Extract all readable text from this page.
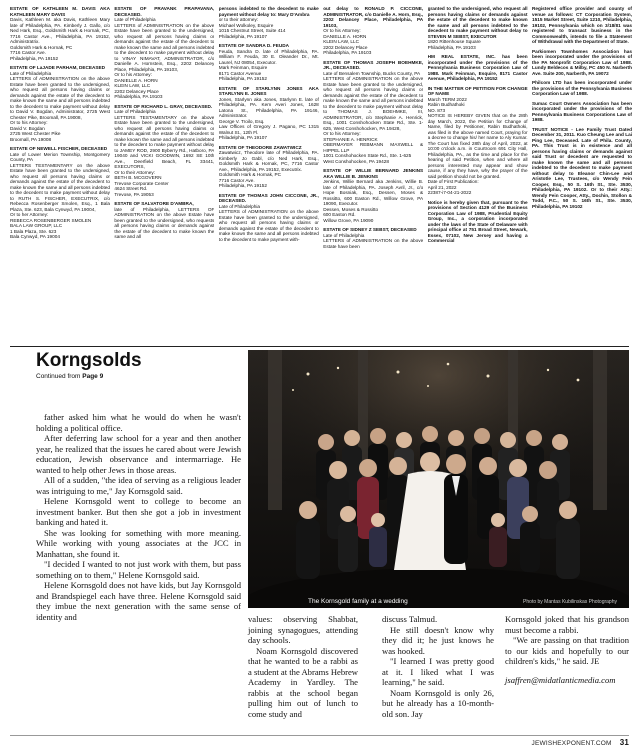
ESTATE OF KATHLEEN M. DAVIS AKA KATHLEEN MARY DAVIS

Davis, Kathleen M. aka Davis, Kathleen Mary late of Philadelphia, PA. Kimberly J. Gallo, c/o Ned Hark, Esq., Goldsmith Hark & Hornak, PC, 7716 Castor Ave., Philadelphia, PA 19152, Administratrix.

Goldsmith Hark & Hornak, PC

7716 Castor Ave.

Philadelphia, PA 19152

ESTATE OF LaJADE PARHAM, DECEASED

Late of Philadelphia

LETTERS of ADMINISTRATION on the above Estate have been granted to the undersigned, who request all persons having claims or demands against the estate of the decedent to make known the same and all persons indebted to the decedent to make payment without delay to David V. Bogdan, Administrator, 2725 West Chester Pike, Broomall, PA 19008,

Or to his Attorney:

David V. Bogdan

2725 West Chester Pike

Broomall, PA 19008

ESTATE OF NEWELL FISCHER, DECEASED

Late of Lower Merion Township, Montgomery County, PA

LETTERS TESTAMENTARY on the above Estate have been granted to the undersigned, who request all persons having claims or demands against the estate of the decedent to make known the same and all persons indebted to the decedent to make payment without delay to RUTH S. FISCHER, EXECUTRIX, c/o Rebecca Rosenberger Smolen, Esq., 1 Bala Plaza, Ste. 623, Bala Cynwyd, PA 19004,

Or to her Attorney:

REBECCA ROSENBERGER SMOLEN

BALA LAW GROUP, LLC

1 Bala Plaza, Ste. 623

Bala Cynwyd, PA 19004

ESTATE OF PRAVANK PRAPAVANA, DECEASED.

Late of Philadelphia

LETTERS of ADMINISTRATION on the above Estate have been granted to the undersigned, who request all persons having claims or demands against the estate of the decedent to make known the same and all persons indebted to the decedent to make payment without delay to VINAY NIMAVAT, ADMINISTRATOR, c/o Danielle A. Hornstein, Esq., 2202 Delancey Place, Philadelphia, PA 19103,

Or to his Attorney:

DANIELLE A. HORN

KLEIN LAW, LLC

2202 Delancey Place

Philadelphia, PA 19103

ESTATE OF RICHARD L. GRAY, DECEASED.

Late of Philadelphia

LETTERS TESTAMENTARY on the above Estate have been granted to the undersigned, who request all persons having claims or demands against the estate of the decedent to make known the same and all persons indebted to the decedent to make payment without delay to JAMEY ROD, 2900 Byberry Rd., Hatboro, PA 19040 and VICKI GOODWIN, 1692 SE 10th Ave., Deerfield Beach, FL 33441, EXECUTORS,

Or to their Attorney:

BETH B. MCGOVERN

Trevose Corporate Center

4624 Street Rd.

Trevose, PA 19053

ESTATE OF SALVATORE D'AMBRA,

late of Philadelphia, LETTERS OF ADMINISTRATION on the above Estate have been granted to the undersigned, who requests all persons having claims or demands against the estate of the decedent to make known the same and all

persons indebted to the decedent to make payment without delay to: Mary D'Ambra

or to their attorney:

Michael Wolkoley, Esquire

1015 Chestnut Street, Suite 414

Philadelphia, PA 19107

ESTATE OF SANDRA D. FEUDA

Feuda, Sandra D. late of Philadelphia, PA. William F. Feuda, 30 E. Oleander Dr., Mt. Laurel, NJ 08054, Executor.

Mark Feinman, Esquire

8171 Castor Avenue

Philadelphia, PA 19152

ESTATE OF STARLYNN JONES AKA STARLYNN E. JONES

Jones, Starlynn aka Jones, Starlynn E. late of Philadelphia, PA. Kem Averi Jones, 1628 Latona St., Philadelphia, PA 19146, Administrator.

George V. Troilo, Esq.

Law Offices of Gregory J. Pagano, PC 1315 Walnut St., 12th Fl.

Philadelphia, PA 19107

ESTATE OF THEODORE ZAWATWICZ

Zawatwicz, Theodore late of Philadelphia, PA. Kimberly Jo Gabl, c/o Ned Hark, Esq., Goldsmith Hark & Hornak, PC, 7716 Castor Ave., Philadelphia, PA 19152, Executrix.

Goldsmith Hark & Hornak, PC

7716 Castor Ave.

Philadelphia, PA 19152

ESTATE OF THOMAS JOHN CICCONE, JR., DECEASED.

Late of Philadelphia

LETTERS of ADMINISTRATION on the above Estate have been granted to the undersigned, who request all persons having claims or demands against the estate of the decedent to make known the same and all persons indebted to the decedent to make payment with-

out delay to RONALD P. CICCONE, ADMINISTRATOR, c/o Danielle A. Horn, Esq., 2202 Delancey Place, Philadelphia, PA 19103,

Or to his Attorney:

DANIELLE A. HORN

KLEIN LAW, LLC

2202 Delancey Place

Philadelphia, PA 19103

ESTATE OF THOMAS JOSEPH BOEHMKE, JR., DECEASED.

Late of Bensalem Township, Bucks County, PA

LETTERS of ADMINISTRATION on the above Estate have been granted to the undersigned, who request all persons having claims or demands against the estate of the decedent to make known the same and all persons indebted to the decedent to make payment without delay to THOMAS J. BOEHMKE, III, ADMINISTRATOR, c/o Stephanie A. Henrick, Esq., 1001 Conshohocken State Rd., Ste. 1-625, West Conshohocken, PA 19428,

Or to his Attorney:

STEPHANIE A. HENRICK

OBERMAYER REBMANN MAXWELL & HIPPEL LLP

1001 Conshohocken State Rd., Ste. 1-625

West Conshohocken, PA 19428

ESTATE OF WILLIE BERNARD JENKINS AKA WILLIE B. JENKINS

Jenkins, Willie Bernard aka Jenkins, Willie B. late of Philadelphia, PA. Joseph Avril, Jr., c/o Hope Bosniak, Esq., Dessen, Moses & Rossitto, 600 Easton Rd., Willow Grove, PA 19090, Executor.

Dessen, Moses & Rossitto

600 Easton Rd.

Willow Grove, PA 19090

ESTATE OF SIDNEY Z SEBST, DECEASED

Late of Philadelphia

LETTERS of ADMINISTRATION on the above Estate have been

granted to the undersigned, who request all persons having claims or demands against the estate of the decedent to make known the same and all persons indebted to the decedent to make payment without delay to STEVEN M SEBST, EXECUTOR

1820 Rittenhouse Square

Philadelphia, PA 19103

HM REAL ESTATE, INC. has been incorporated under the provisions of the Pennsylvania Business Corporation Law of 1988. Mark Feinman, Esquire, 8171 Castor Avenue, Philadelphia, PA 19152

IN THE MATTER OF PETITION FOR CHANGE OF NAME

March TERM 2022

Rabin Budhathoki

NO. 873

NOTICE IS HEREBY GIVEN that on the 28th day March, 2022, the Petition for Change of Name, filed by Petitioner, Rabin Budhathoki, was filed in the above named Court, praying for a decree to change his/ her name to Aly Kumar. The Court has fixed 28th day of April, 2022, at 10:00 o'clock a.m. in Courtroom 691 City Hall, Philadelphia, PA., as the time and place for the hearing of said Petition, when and where all persons interested may appear and show cause, if any they have, why the prayer of the said petition should not be granted.

Date of First Publication:

April 21, 2022

22387-i7-04-21-2022

Notice is hereby given that, pursuant to the provisions of Section 4129 of the Business Corporation Law of 1988, Prudential Equity Group, Inc., a corporation incorporated under the laws of the State of Delaware with principal office at 751 Broad Street, Newark, Essex, 07102, New Jersey and having a Commercial

Registered office provider and county of venue as follows: CT Corporation System, 1515 Market Street, Suite 1210, Philadelphia, 19102, Pennsylvania which on 3/18/81 was registered to transact business in the Commonwealth, intends to file a Statement of Withdrawal with the Department of State.

Parkiomen Townhomes Association has been incorporated under the provisions of the PA Nonprofit Corporation Law of 1988. Lundy Beldecos & Milby, PC 450 N. Narberth Ave. Suite 200, Narberth, PA 19072

Philcom LTD has been incorporated under the provisions of the Pennsylvania Business Corporation Law of 1988.

Sumac Court Owners Association has been incorporated under the provisions of the Pennsylvania Business Corporations Law of 1988.

TRUST NOTICE - Lee Family Trust Dated December 31, 2011. Kuo Cheung Lee and Lai Ping Lee, Deceased. Late of Phila. County, PA. This Trust is in existence and all persons having claims or demands against said Trust or decedent are requested to make known the same and all persons indebted to the decedent to make payment without delay to Eleanor Chin-Lee and Aristotle Lee, Trustees, c/o Wendy Fein Cooper, Esq., 50 S. 16th St., Ste. 3530, Philadelphia, PA 19102. Or to their Atty.: Wendy Fein Cooper, Atty., Dochin, Stollon & Todd, P.C., 50 S. 16th St., Ste. 3530, Philadelphia, PA 19102

Korngsolds
Continued from Page 9
The Kornsgold family at a wedding	Photo by Mantas Kubilinskas Photography

father asked him what he would do when he wasn't holding a political office.

After deferring law school for a year and then another year, he realized that the issues he cared about were Jewish education, Jewish observance and intermarriage. He wanted to help other Jews in those areas.

All of a sudden, "the idea of serving as a religious leader was intriguing to me," Jay Kornsgold said.

Helene Kornsgold went to college to become an investment banker. But then she got a job in investment banking and hated it.

She was looking for something with more meaning. While working with young associates at the JCC in Manhattan, she found it.

"I decided I wanted to not just work with them, but pass something on to them," Helene Kornsgold said.

Helene Kornsgold does not have kids, but Jay Kornsgold and Brandspiegel each have three. Helene Kornsgold said they imbue the next generation with the same sense of identity and	values: observing Shabbat, joining synagogues, attending day schools.

Noam Kornsgold discovered that he wanted to be a rabbi as a student at the Abrams Hebrew Academy in Yardley. The rabbis at the school began pulling him out of lunch to come study and

discuss Talmud.

He still doesn't know why they did it; he just knows he was hooked.

"I learned I was pretty good at it. I liked what I was learning," he said.

Noam Kornsgold is only 26, but he already has a 10-month-old son. Jay

Kornsgold joked that his grandson must become a rabbi.

"We are passing on that tradition to our kids and hopefully to our children's kids," he said. JE

jsaffren@midatlanticmedia.com

JEWISHEXPONENT.COM 31
